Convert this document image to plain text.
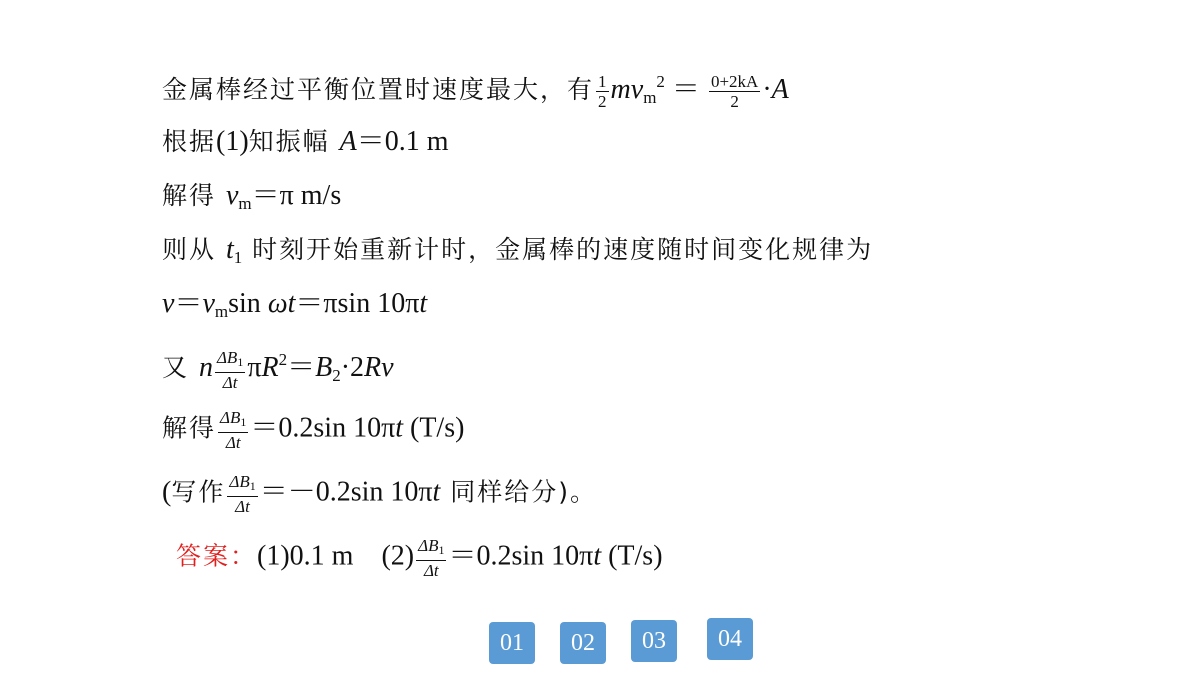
金属棒经过平衡位置时速度最大，有 $\frac{1}{2} mv_m^2 = \frac{0+2kA}{2} \cdot A$
根据(1)知振幅 A＝0.1 m
解得 $v_m=\pi$ m/s
则从 $t_1$ 时刻开始重新计时，金属棒的速度随时间变化规律为
$v=v_m\sin$ ωt＝πsin 10πt
又 n $\frac{\Delta B_1}{\Delta t} \pi R^2=B_2\cdot 2Rv$
解得 $\frac{\Delta B_1}{\Delta t} =0.2\sin$ 10πt (T/s)
(写作 $\frac{\Delta B_1}{\Delta t} =-0.2\sin$ 10πt 同样给分)。
答案：(1)0.1 m $(2) \frac{\Delta B_1}{\Delta t} =0.2\sin$ 10πt (T/s)
01	02	03	04
